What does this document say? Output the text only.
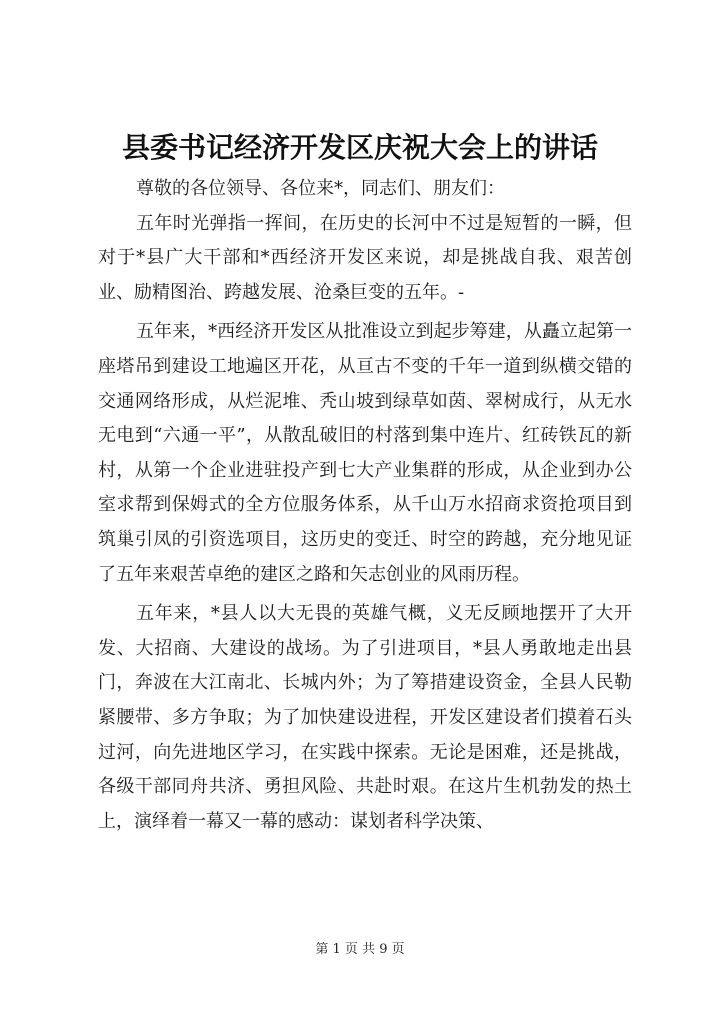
县委书记经济开发区庆祝大会上的讲话

尊敬的各位领导、各位来*，同志们、朋友们：

五年时光弹指一挥间，在历史的长河中不过是短暂的一瞬，但对于*县广大干部和*西经济开发区来说，却是挑战自我、艰苦创业、励精图治、跨越发展、沧桑巨变的五年。-

五年来，*西经济开发区从批准设立到起步筹建，从矗立起第一座塔吊到建设工地遍区开花，从亘古不变的千年一道到纵横交错的交通网络形成，从烂泥堆、秃山坡到绿草如茵、翠树成行，从无水无电到“六通一平”，从散乱破旧的村落到集中连片、红砖铁瓦的新村，从第一个企业进驻投产到七大产业集群的形成，从企业到办公室求帮到保姆式的全方位服务体系，从千山万水招商求资抢项目到筑巢引凤的引资选项目，这历史的变迁、时空的跨越，充分地见证了五年来艰苦卓绝的建区之路和矢志创业的风雨历程。

五年来，*县人以大无畏的英雄气概，义无反顾地摆开了大开发、大招商、大建设的战场。为了引进项目，*县人勇敢地走出县门，奔波在大江南北、长城内外；为了筹措建设资金，全县人民勒紧腰带、多方争取；为了加快建设进程，开发区建设者们摸着石头过河，向先进地区学习，在实践中探索。无论是困难，还是挑战，各级干部同舟共济、勇担风险、共赴时艰。在这片生机勃发的热土上，演绎着一幕又一幕的感动：谋划者科学决策、

第 1 页 共 9 页
